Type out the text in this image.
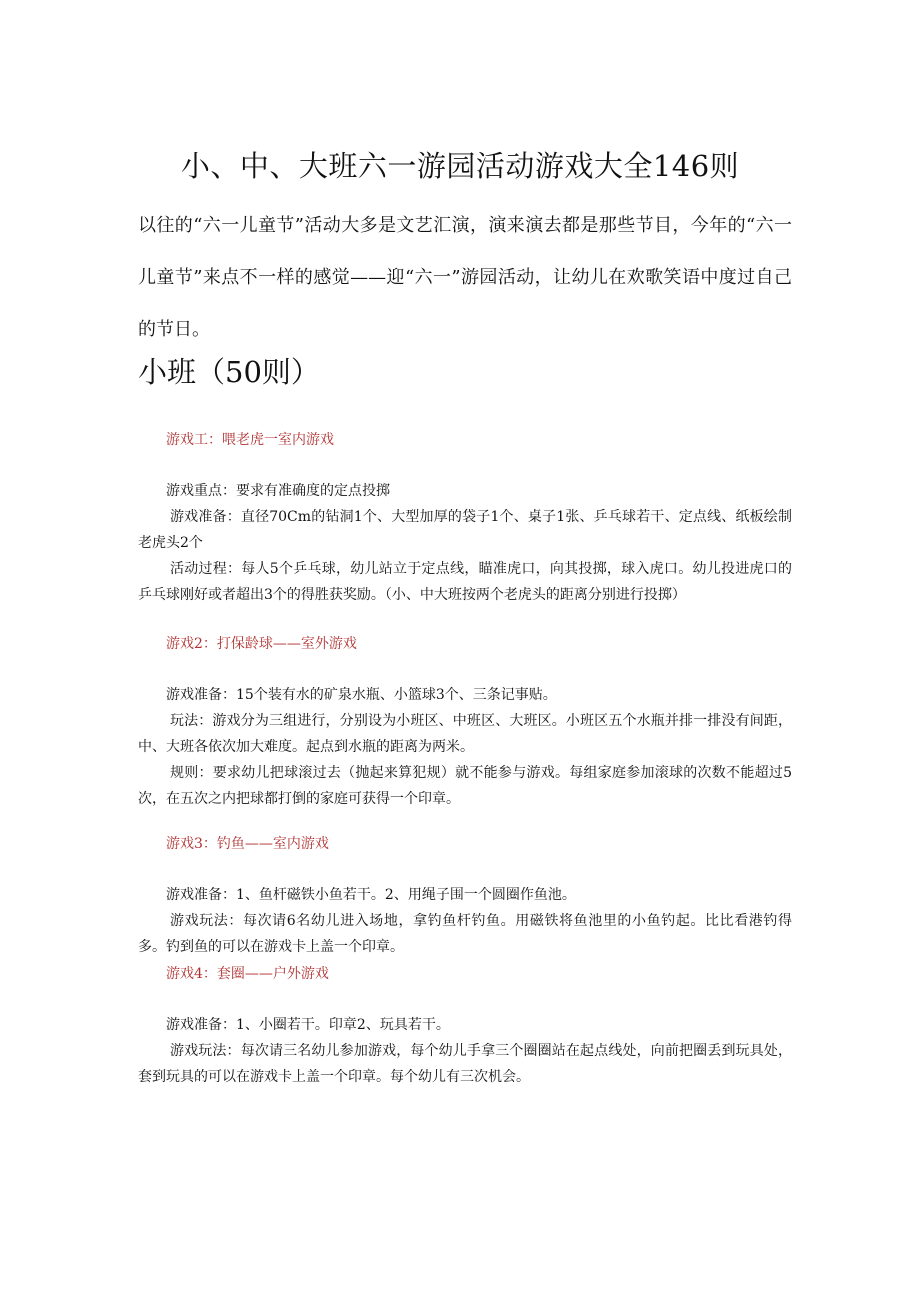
小、中、大班六一游园活动游戏大全146则

以往的“六一儿童节”活动大多是文艺汇演，演来演去都是那些节目，今年的“六一儿童节”来点不一样的感觉——迎“六一”游园活动，让幼儿在欢歌笑语中度过自己的节日。

小班（50则）
游戏工：喂老虎一室内游戏

游戏重点：要求有准确度的定点投掷

游戏准备：直径70Cm的钻洞1个、大型加厚的袋子1个、桌子1张、乒乓球若干、定点线、纸板绘制老虎头2个

活动过程：每人5个乒乓球，幼儿站立于定点线，瞄准虎口，向其投掷，球入虎口。幼儿投进虎口的乒乓球刚好或者超出3个的得胜获奖励。（小、中大班按两个老虎头的距离分别进行投掷）

游戏2：打保龄球——室外游戏

游戏准备：15个装有水的矿泉水瓶、小篮球3个、三条记事贴。

玩法：游戏分为三组进行，分别设为小班区、中班区、大班区。小班区五个水瓶并排一排没有间距，中、大班各依次加大难度。起点到水瓶的距离为两米。

规则：要求幼儿把球滚过去（抛起来算犯规）就不能参与游戏。每组家庭参加滚球的次数不能超过5次，在五次之内把球都打倒的家庭可获得一个印章。

游戏3：钓鱼——室内游戏

游戏准备：1、鱼杆磁铁小鱼若干。2、用绳子围一个圆圈作鱼池。

游戏玩法：每次请6名幼儿进入场地，拿钓鱼杆钓鱼。用磁铁将鱼池里的小鱼钓起。比比看港钓得多。钓到鱼的可以在游戏卡上盖一个印章。

游戏4：套圈——户外游戏

游戏准备：1、小圈若干。印章2、玩具若干。

游戏玩法：每次请三名幼儿参加游戏，每个幼儿手拿三个圈圈站在起点线处，向前把圈丢到玩具处，套到玩具的可以在游戏卡上盖一个印章。每个幼儿有三次机会。
